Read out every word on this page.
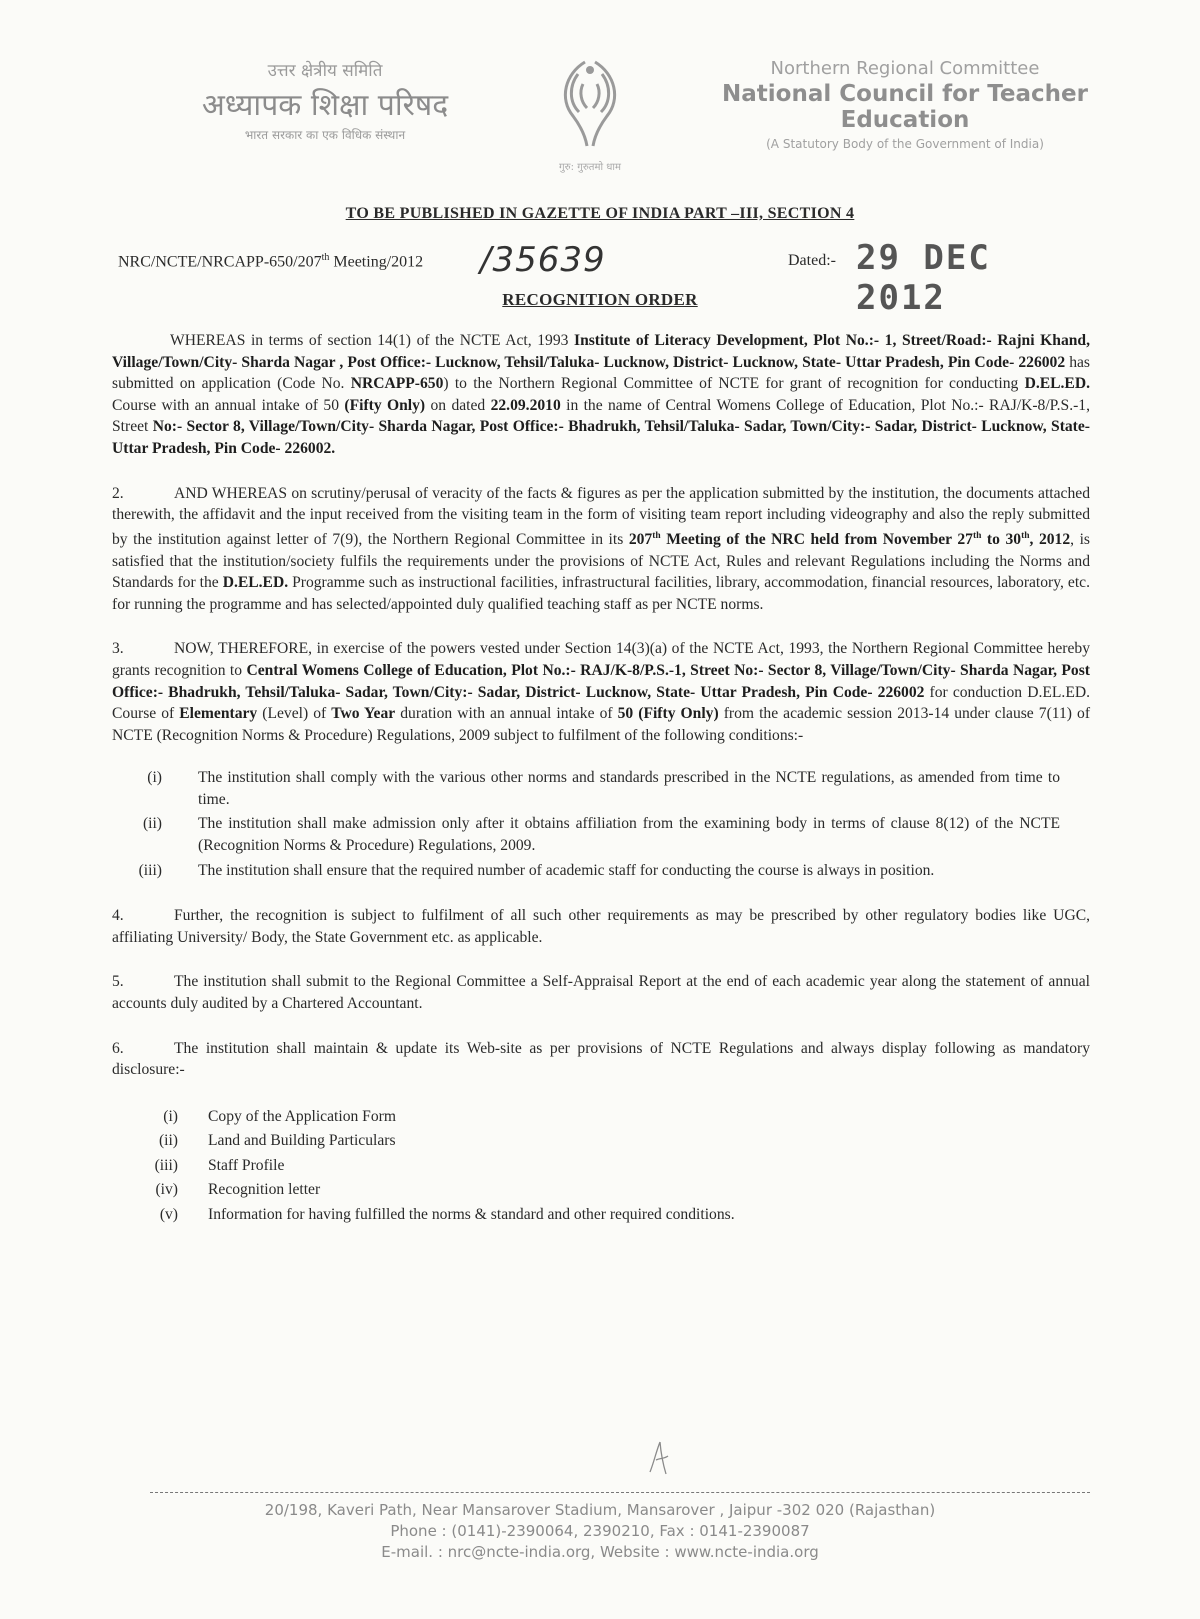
उत्तर क्षेत्रीय समिति
अध्यापक शिक्षा परिषद
भारत सरकार का एक विधिक संस्थान
गुरु: गुरुतमो धाम
Northern Regional Committee
National Council for Teacher Education
(A Statutory Body of the Government of India)
TO BE PUBLISHED IN GAZETTE OF INDIA PART –III, SECTION 4
NRC/NCTE/NRCAPP-650/207th Meeting/2012 /35639	Dated:- 29 DEC 2012
RECOGNITION ORDER

WHEREAS in terms of section 14(1) of the NCTE Act, 1993 Institute of Literacy Development, Plot No.:- 1, Street/Road:- Rajni Khand, Village/Town/City- Sharda Nagar , Post Office:- Lucknow, Tehsil/Taluka- Lucknow, District- Lucknow, State- Uttar Pradesh, Pin Code- 226002 has submitted on application (Code No. NRCAPP-650) to the Northern Regional Committee of NCTE for grant of recognition for conducting D.EL.ED. Course with an annual intake of 50 (Fifty Only) on dated 22.09.2010 in the name of Central Womens College of Education, Plot No.:- RAJ/K-8/P.S.-1, Street No:- Sector 8, Village/Town/City- Sharda Nagar, Post Office:- Bhadrukh, Tehsil/Taluka- Sadar, Town/City:- Sadar, District- Lucknow, State- Uttar Pradesh, Pin Code- 226002.

2.	AND WHEREAS on scrutiny/perusal of veracity of the facts & figures as per the application submitted by the institution, the documents attached therewith, the affidavit and the input received from the visiting team in the form of visiting team report including videography and also the reply submitted by the institution against letter of 7(9), the Northern Regional Committee in its 207th Meeting of the NRC held from November 27th to 30th, 2012, is satisfied that the institution/society fulfils the requirements under the provisions of NCTE Act, Rules and relevant Regulations including the Norms and Standards for the D.EL.ED. Programme such as instructional facilities, infrastructural facilities, library, accommodation, financial resources, laboratory, etc. for running the programme and has selected/appointed duly qualified teaching staff as per NCTE norms.

3.	NOW, THEREFORE, in exercise of the powers vested under Section 14(3)(a) of the NCTE Act, 1993, the Northern Regional Committee hereby grants recognition to Central Womens College of Education, Plot No.:- RAJ/K-8/P.S.-1, Street No:- Sector 8, Village/Town/City- Sharda Nagar, Post Office:- Bhadrukh, Tehsil/Taluka- Sadar, Town/City:- Sadar, District- Lucknow, State- Uttar Pradesh, Pin Code- 226002 for conduction D.EL.ED. Course of Elementary (Level) of Two Year duration with an annual intake of 50 (Fifty Only) from the academic session 2013-14 under clause 7(11) of NCTE (Recognition Norms & Procedure) Regulations, 2009 subject to fulfilment of the following conditions:-

(i)	The institution shall comply with the various other norms and standards prescribed in the NCTE regulations, as amended from time to time.
(ii)	The institution shall make admission only after it obtains affiliation from the examining body in terms of clause 8(12) of the NCTE (Recognition Norms & Procedure) Regulations, 2009.
(iii)	The institution shall ensure that the required number of academic staff for conducting the course is always in position.

4.	Further, the recognition is subject to fulfilment of all such other requirements as may be prescribed by other regulatory bodies like UGC, affiliating University/ Body, the State Government etc. as applicable.

5.	The institution shall submit to the Regional Committee a Self-Appraisal Report at the end of each academic year along the statement of annual accounts duly audited by a Chartered Accountant.

6.	The institution shall maintain & update its Web-site as per provisions of NCTE Regulations and always display following as mandatory disclosure:-

(i)	Copy of the Application Form
(ii)	Land and Building Particulars
(iii)	Staff Profile
(iv)	Recognition letter
(v)	Information for having fulfilled the norms & standard and other required conditions.
20/198, Kaveri Path, Near Mansarover Stadium, Mansarover , Jaipur -302 020 (Rajasthan)
Phone : (0141)-2390064, 2390210, Fax : 0141-2390087
E-mail. : nrc@ncte-india.org, Website : www.ncte-india.org
